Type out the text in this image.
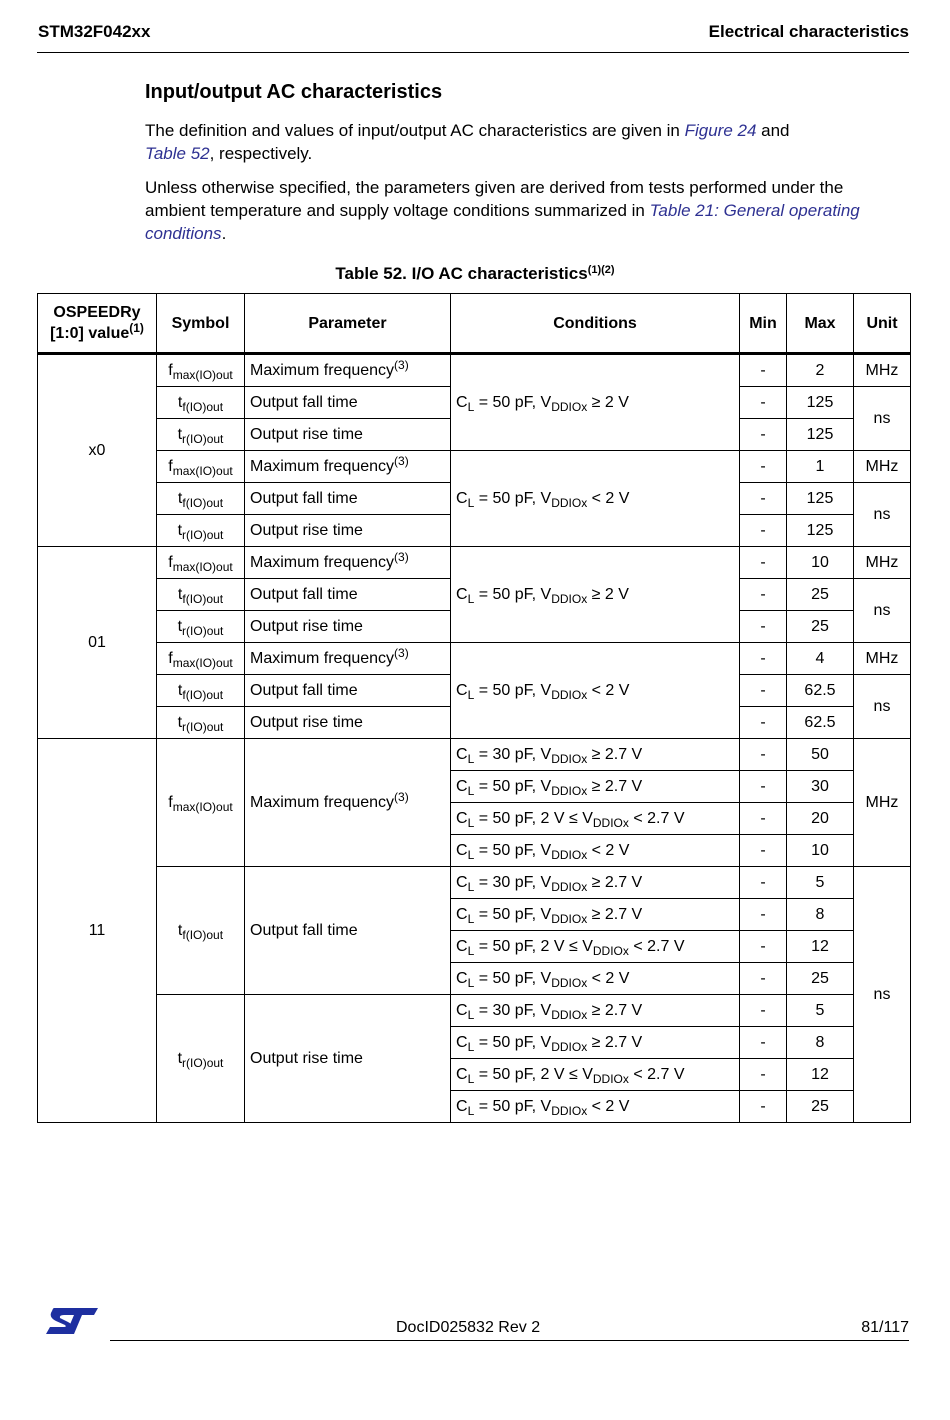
STM32F042xx	Electrical characteristics
Input/output AC characteristics
The definition and values of input/output AC characteristics are given in Figure 24 and
Table 52, respectively.
Unless otherwise specified, the parameters given are derived from tests performed under the ambient temperature and supply voltage conditions summarized in Table 21: General operating conditions.
Table 52. I/O AC characteristics$^{(1)(2)}$
OSPEEDRy
[1:0] value$^{(1)}$	Symbol	Parameter	Conditions	Min	Max	Unit
x0	$f_{max(IO)out}$	Maximum frequency$^{(3)}$	$C_L = 50$ pF, $V_{DDIOx} \ge 2$ V	-	2	MHz
	$t_{f(IO)out}$	Output fall time		-	125	ns
	$t_{r(IO)out}$	Output rise time		-	125	
	$f_{max(IO)out}$	Maximum frequency$^{(3)}$	$C_L = 50$ pF, $V_{DDIOx} < 2$ V	-	1	MHz
	$t_{f(IO)out}$	Output fall time		-	125	ns
	$t_{r(IO)out}$	Output rise time		-	125	
01	$f_{max(IO)out}$	Maximum frequency$^{(3)}$	$C_L = 50$ pF, $V_{DDIOx} \ge 2$ V	-	10	MHz
	$t_{f(IO)out}$	Output fall time		-	25	ns
	$t_{r(IO)out}$	Output rise time		-	25	
	$f_{max(IO)out}$	Maximum frequency$^{(3)}$	$C_L = 50$ pF, $V_{DDIOx} < 2$ V	-	4	MHz
	$t_{f(IO)out}$	Output fall time		-	62.5	ns
	$t_{r(IO)out}$	Output rise time		-	62.5	
11	$f_{max(IO)out}$	Maximum frequency$^{(3)}$	$C_L = 30$ pF, $V_{DDIOx} \ge 2.7$ V	-	50	MHz
			$C_L = 50$ pF, $V_{DDIOx} \ge 2.7$ V	-	30	
			$C_L = 50$ pF, 2 $V \le V_{DDIOx} < 2.7$ V	-	20	
			$C_L = 50$ pF, $V_{DDIOx} < 2$ V	-	10	
	$t_{f(IO)out}$	Output fall time	$C_L = 30$ pF, $V_{DDIOx} \ge 2.7$ V	-	5	ns
			$C_L = 50$ pF, $V_{DDIOx} \ge 2.7$ V	-	8	
			$C_L = 50$ pF, 2 $V \le V_{DDIOx} < 2.7$ V	-	12	
			$C_L = 50$ pF, $V_{DDIOx} < 2$ V	-	25	
	$t_{r(IO)out}$	Output rise time	$C_L = 30$ pF, $V_{DDIOx} \ge 2.7$ V	-	5	
			$C_L = 50$ pF, $V_{DDIOx} \ge 2.7$ V	-	8	
			$C_L = 50$ pF, 2 $V \le V_{DDIOx} < 2.7$ V	-	12	
			$C_L = 50$ pF, $V_{DDIOx} < 2$ V	-	25	
DocID025832 Rev 2	81/117
